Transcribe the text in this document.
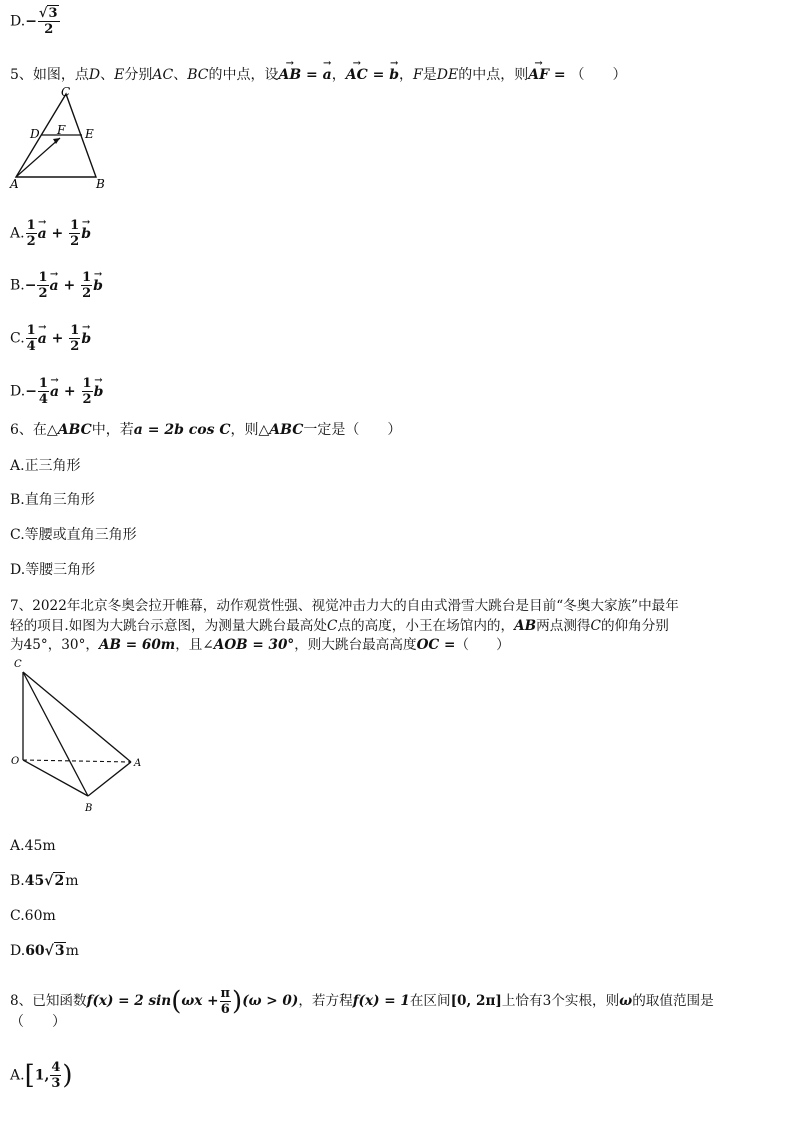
$D.- \frac{√3}{2}$
5、如图，点D、E分别AC、BC的中点，设→ AB = → a，→ AC = → b，F是DE的中点，则→ AF = （　　）
C
D	E
F
A	B
A. $\frac{1}{2}$
→ $a + \frac{1}{2}$
→ b
$B.- \frac{1}{2}$
→ $a + \frac{1}{2}$
→ b
C. $\frac{1}{4}$
→ $a + \frac{1}{2}$
→ b
$D.- \frac{1}{4}$
→ $a + \frac{1}{2}$
→ b
6、在△ABC中，若a = 2b cos C，则△ABC一定是（　　）
A.正三角形
B.直角三角形
C.等腰或直角三角形
D.等腰三角形
7、2022年北京冬奥会拉开帷幕，动作观赏性强、视觉冲击力大的自由式滑雪大跳台是目前“冬奥大家族”中最年
轻的项目.如图为大跳台示意图，为测量大跳台最高处C点的高度，小王在场馆内的，AB两点测得C的仰角分别
为45°，30°，AB = 60m，且∠AOB = 30°，则大跳台最高高度OC =（　　）
C
O	A
B
A.45m
B.45√2m
C.60m
D.60√3m
8、已知函数f(x) = 2 $\sin(\omega x + \frac{\pi}{6} )(\omega > 0)$，若方程f(x) = 1在区间[0, 2π]上恰有3个实根，则ω的取值范围是
（　　）
A.[1, $\frac{4}{3}$ )
